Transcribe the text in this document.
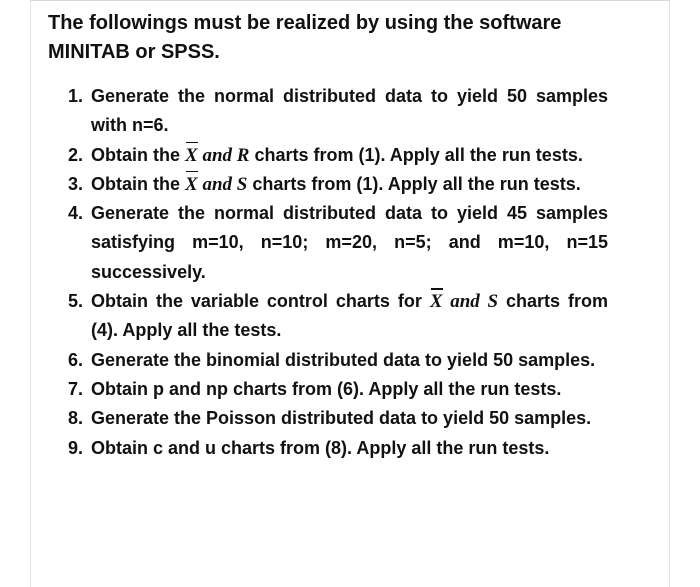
The followings must be realized by using the software MINITAB or SPSS.

1. Generate the normal distributed data to yield 50 samples with n=6.
2. Obtain the X and R charts from (1). Apply all the run tests.
3. Obtain the X and S charts from (1). Apply all the run tests.
4. Generate the normal distributed data to yield 45 samples satisfying m=10, n=10; m=20, n=5; and m=10, n=15 successively.
5. Obtain the variable control charts for X and S charts from (4). Apply all the tests.
6. Generate the binomial distributed data to yield 50 samples.
7. Obtain p and np charts from (6). Apply all the run tests.
8. Generate the Poisson distributed data to yield 50 samples.
9. Obtain c and u charts from (8). Apply all the run tests.
